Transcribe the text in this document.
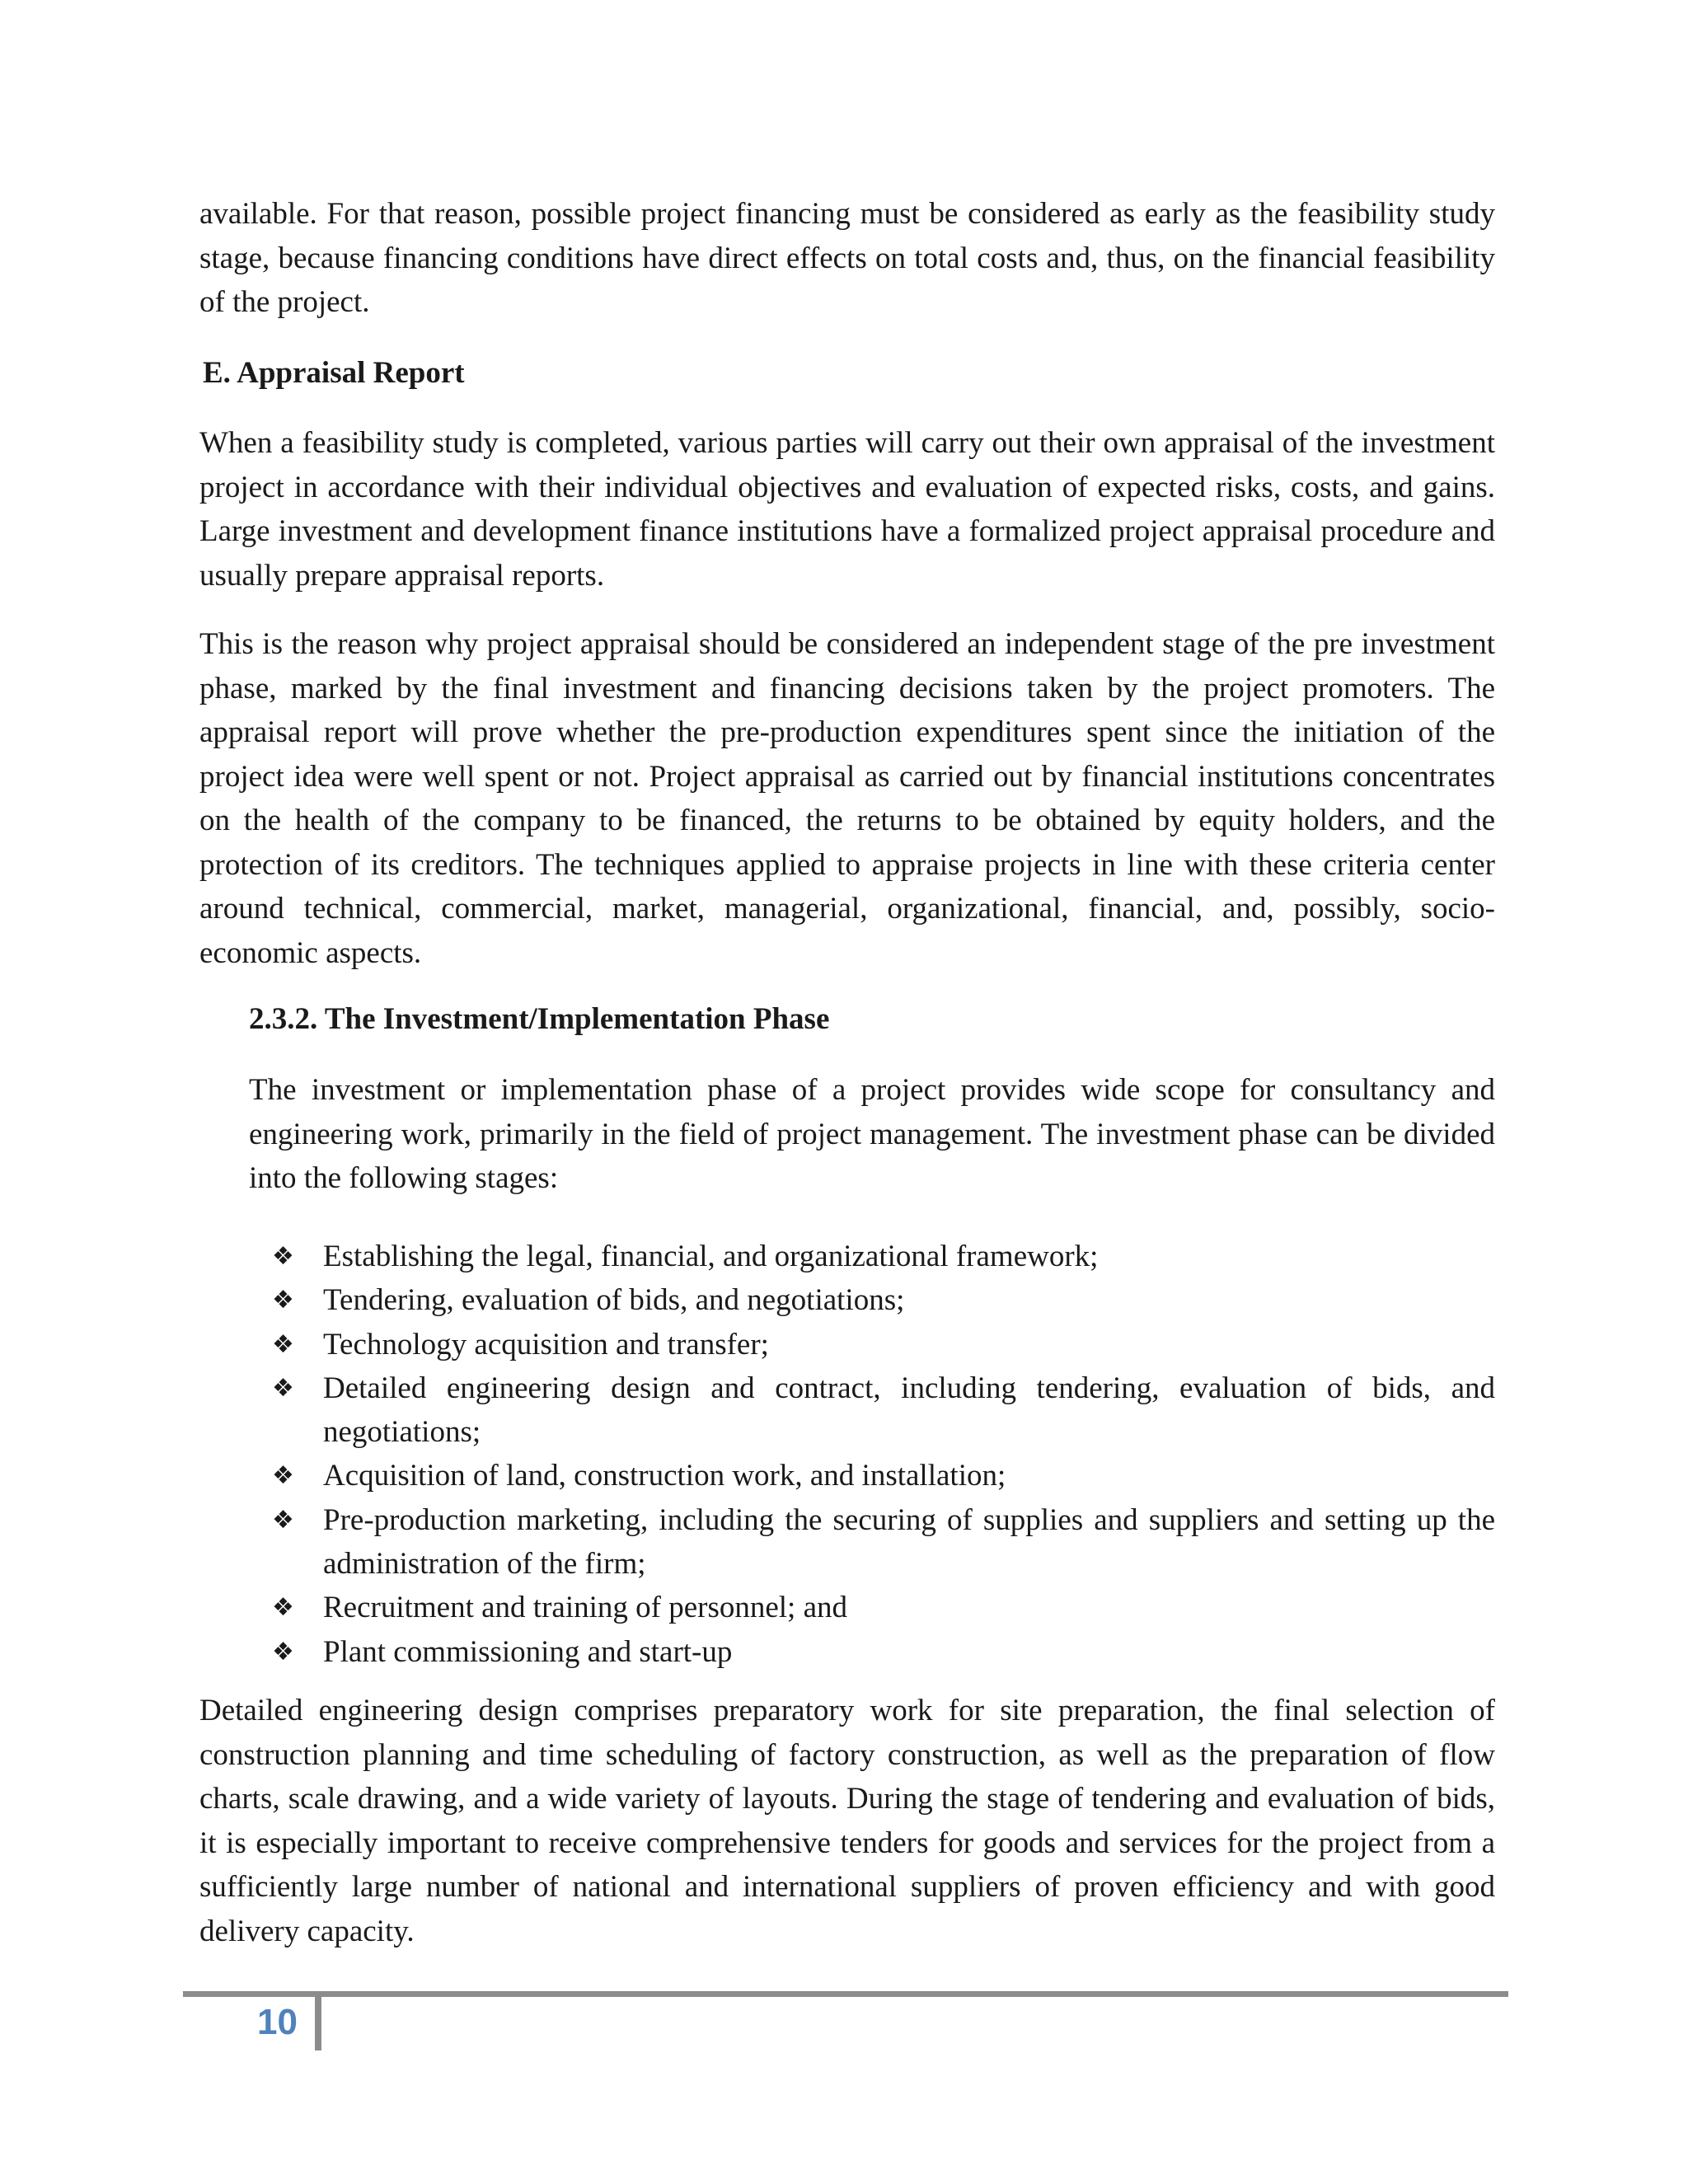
available. For that reason, possible project financing must be considered as early as the feasibility study stage, because financing conditions have direct effects on total costs and, thus, on the financial feasibility of the project.

E. Appraisal Report

When a feasibility study is completed, various parties will carry out their own appraisal of the investment project in accordance with their individual objectives and evaluation of expected risks, costs, and gains. Large investment and development finance institutions have a formalized project appraisal procedure and usually prepare appraisal reports.

This is the reason why project appraisal should be considered an independent stage of the pre investment phase, marked by the final investment and financing decisions taken by the project promoters. The appraisal report will prove whether the pre-production expenditures spent since the initiation of the project idea were well spent or not. Project appraisal as carried out by financial institutions concentrates on the health of the company to be financed, the returns to be obtained by equity holders, and the protection of its creditors. The techniques applied to appraise projects in line with these criteria center around technical, commercial, market, managerial, organizational, financial, and, possibly, socio-economic aspects.

2.3.2. The Investment/Implementation Phase

The investment or implementation phase of a project provides wide scope for consultancy and engineering work, primarily in the field of project management. The investment phase can be divided into the following stages:

❖ Establishing the legal, financial, and organizational framework;
❖ Tendering, evaluation of bids, and negotiations;
❖ Technology acquisition and transfer;
❖ Detailed engineering design and contract, including tendering, evaluation of bids, and negotiations;
❖ Acquisition of land, construction work, and installation;
❖ Pre-production marketing, including the securing of supplies and suppliers and setting up the administration of the firm;
❖ Recruitment and training of personnel; and
❖ Plant commissioning and start-up

Detailed engineering design comprises preparatory work for site preparation, the final selection of construction planning and time scheduling of factory construction, as well as the preparation of flow charts, scale drawing, and a wide variety of layouts. During the stage of tendering and evaluation of bids, it is especially important to receive comprehensive tenders for goods and services for the project from a sufficiently large number of national and international suppliers of proven efficiency and with good delivery capacity.

10
